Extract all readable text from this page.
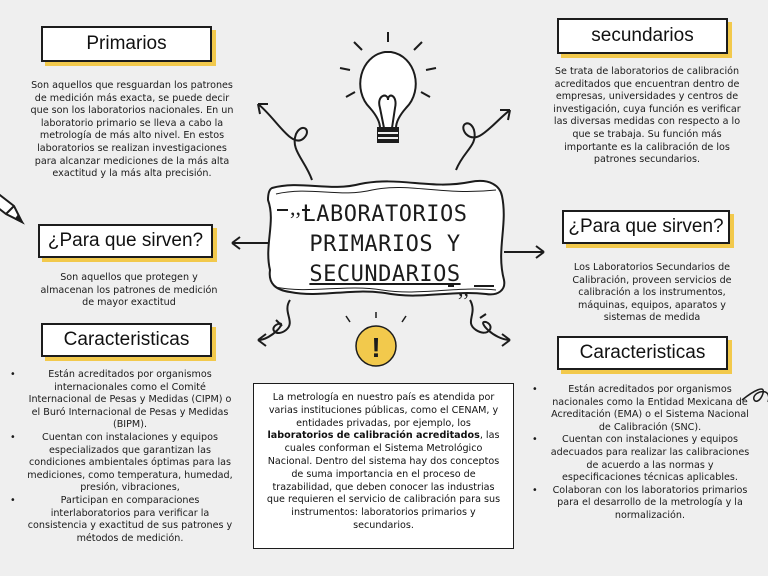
,,
,,
!
LABORATORIOS
PRIMARIOS Y
SECUNDARIOS
Primarios
Son aquellos que resguardan los patrones de medición más exacta, se puede decir que son los laboratorios nacionales. En un laboratorio primario se lleva a cabo la metrología de más alto nivel. En estos laboratorios se realizan investigaciones para alcanzar mediciones de la más alta exactitud y la más alta precisión.
¿Para que sirven?
Son aquellos que protegen y almacenan los patrones de medición de mayor exactitud
Caracteristicas
• Están acreditados por organismos internacionales como el Comité Internacional de Pesas y Medidas (CIPM) o el Buró Internacional de Pesas y Medidas (BIPM).
• Cuentan con instalaciones y equipos especializados que garantizan las condiciones ambientales óptimas para las mediciones, como temperatura, humedad, presión, vibraciones,
• Participan en comparaciones interlaboratorios para verificar la consistencia y exactitud de sus patrones y métodos de medición.
secundarios
Se trata de laboratorios de calibración acreditados que encuentran dentro de empresas, universidades y centros de investigación, cuya función es verificar las diversas medidas con respecto a lo que se trabaja. Su función más importante es la calibración de los patrones secundarios.
¿Para que sirven?
Los Laboratorios Secundarios de Calibración, proveen servicios de calibración a los instrumentos, máquinas, equipos, aparatos y sistemas de medida
Caracteristicas
• Están acreditados por organismos nacionales como la Entidad Mexicana de Acreditación (EMA) o el Sistema Nacional de Calibración (SNC).
• Cuentan con instalaciones y equipos adecuados para realizar las calibraciones de acuerdo a las normas y especificaciones técnicas aplicables.
• Colaboran con los laboratorios primarios para el desarrollo de la metrología y la normalización.
La metrología en nuestro país es atendida por varias instituciones públicas, como el CENAM, y entidades privadas, por ejemplo, los laboratorios de calibración acreditados, las cuales conforman el Sistema Metrológico Nacional. Dentro del sistema hay dos conceptos de suma importancia en el proceso de trazabilidad, que deben conocer las industrias que requieren el servicio de calibración para sus instrumentos: laboratorios primarios y secundarios.
